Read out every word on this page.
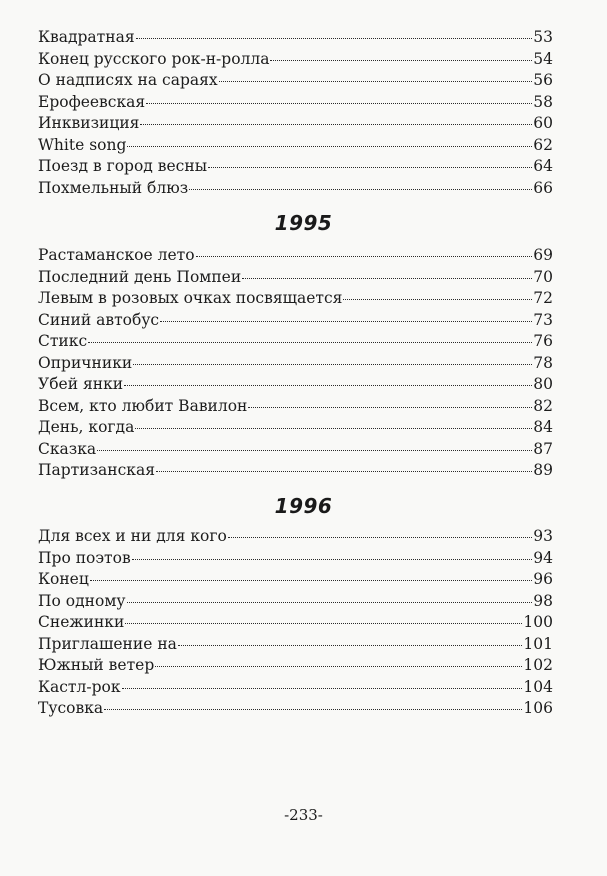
Квадратная	53
Конец русского рок-н-ролла	54
О надписях на сараях	56
Ерофеевская	58
Инквизиция	60
White song	62
Поезд в город весны	64
Похмельный блюз	66
1995
Растаманское лето	69
Последний день Помпеи	70
Левым в розовых очках посвящается	72
Синий автобус	73
Стикс	76
Опричники	78
Убей янки	80
Всем, кто любит Вавилон	82
День, когда	84
Сказка	87
Партизанская	89
1996
Для всех и ни для кого	93
Про поэтов	94
Конец	96
По одному	98
Снежинки	100
Приглашение на	101
Южный ветер	102
Кастл-рок	104
Тусовка	106
-233-
